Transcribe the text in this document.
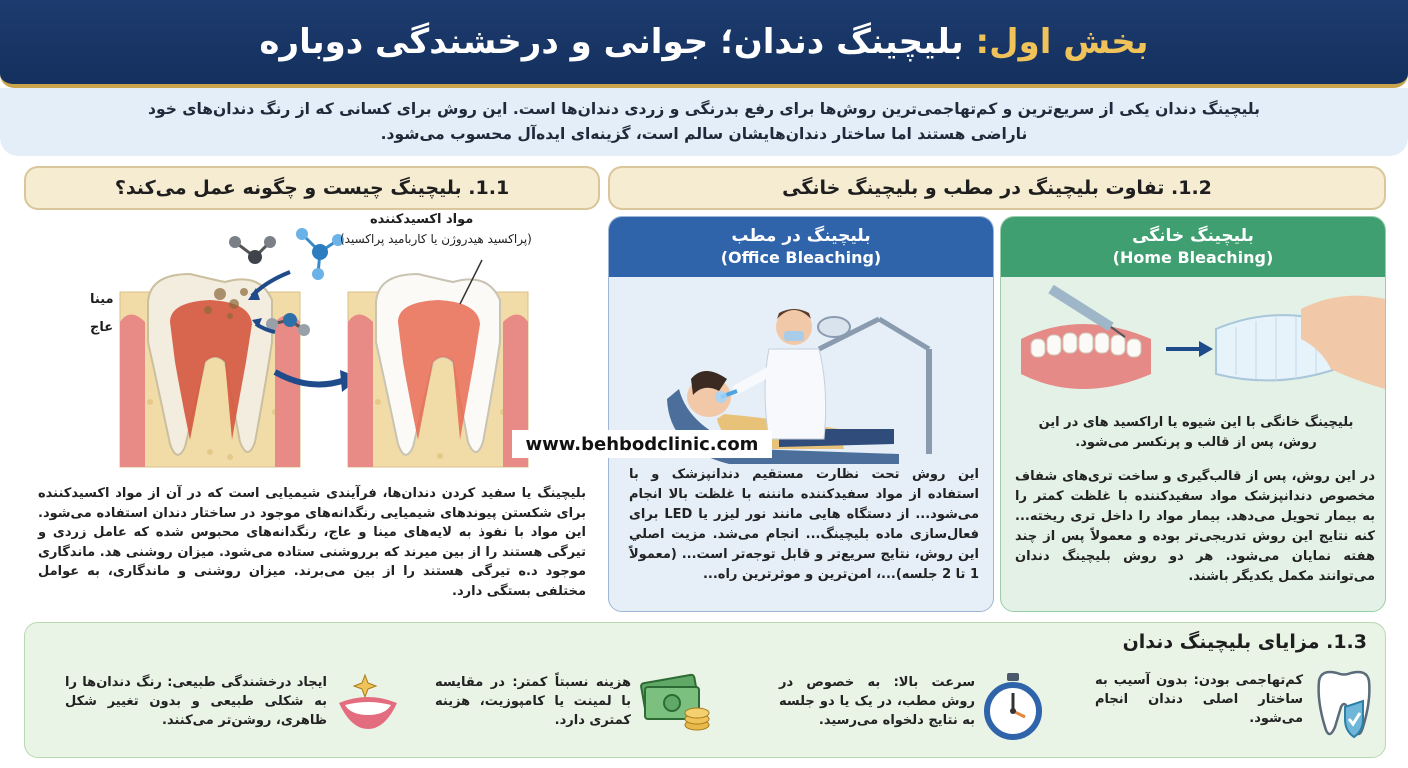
بخش اول: بلیچینگ دندان؛ جوانی و درخشندگی دوباره

بلیچینگ دندان یکی از سریع‌ترین و کم‌تهاجمی‌ترین روش‌ها برای رفع بدرنگی و زردی دندان‌ها است. این روش برای کسانی که از رنگ دندان‌های خود ناراضی هستند اما ساختار دندان‌هایشان سالم است، گزینه‌ای ایده‌آل محسوب می‌شود.

1.1. بلیچینگ چیست و چگونه عمل می‌کند؟	1.2. تفاوت بلیچینگ در مطب و بلیچینگ خانگی
مواد اکسیدکننده
(پراکسید هیدروژن یا کاربامید پراکسید)
مینا
عاج
بلیچینگ یا سفید کردن دندان‌ها، فرآیندی شیمیایی است که در آن از مواد اکسیدکننده برای شکستن پیوندهای شیمیایی رنگدانه‌های موجود در ساختار دندان استفاده می‌شود. این مواد با نفوذ به لایه‌های مینا و عاج، رنگدانه‌های محبوس شده که عامل زردی و تیرگی هستند را از بین میرند که برروشنی ستاده می‌شود. میزان روشنی هد. ماندگاری موجود د.ه تیرگی هستند را از بین می‌برند. میزان روشنی و ماندگاری، به عوامل مختلفی بستگی دارد.
بلیچینگ در مطب
(Office Bleaching)
این روش تحت نظارت مستقیم دندانپزشک و با استفاده از مواد سفیدکننده مانننه با غلظت بالا انجام می‌شود... از دستگاه هایی مانند نور لیزر یا LED برای فعال‌سازی ماده بلیچینگ... انجام می‌شد. مزیت اصلي این روش، نتایج سریع‌تر و قابل توجه‌تر است... (معمولاً 1 تا 2 جلسه)...، امن‌ترین و موثرترین راه...
بلیچینگ خانگی
(Home Bleaching)
بلیچینگ خانگی با این شیوه یا اراکسید های در این روش، پس از قالب و پرنکسر می‌شود.
در این روش، پس از قالب‌گیری و ساخت تری‌های شفاف مخصوص دندانپزشک مواد سفیدکننده با غلظت کمتر را به بیمار تحویل می‌دهد. بیمار مواد را داخل تری ریخته... کنه نتایج این روش تدریجی‌تر بوده و معمولاً پس از چند هفته نمایان می‌شود. هر دو روش بلیچینگ دندان می‌توانند مکمل یکدیگر باشند.
www.behbodclinic.com
1.3. مزایای بلیچینگ دندان
کم‌تهاجمی بودن: بدون آسیب به ساختار اصلی دندان انجام می‌شود.
سرعت بالا: به خصوص در روش مطب، در یک یا دو جلسه به نتایج دلخواه می‌رسید.
هزینه نسبتاً کمتر: در مقایسه با لمینت یا کامپوزیت، هزینه کمتری دارد.
ایجاد درخشندگی طبیعی: رنگ دندان‌ها را به شکلی طبیعی و بدون تغییر شکل ظاهری، روشن‌تر می‌کنند.
